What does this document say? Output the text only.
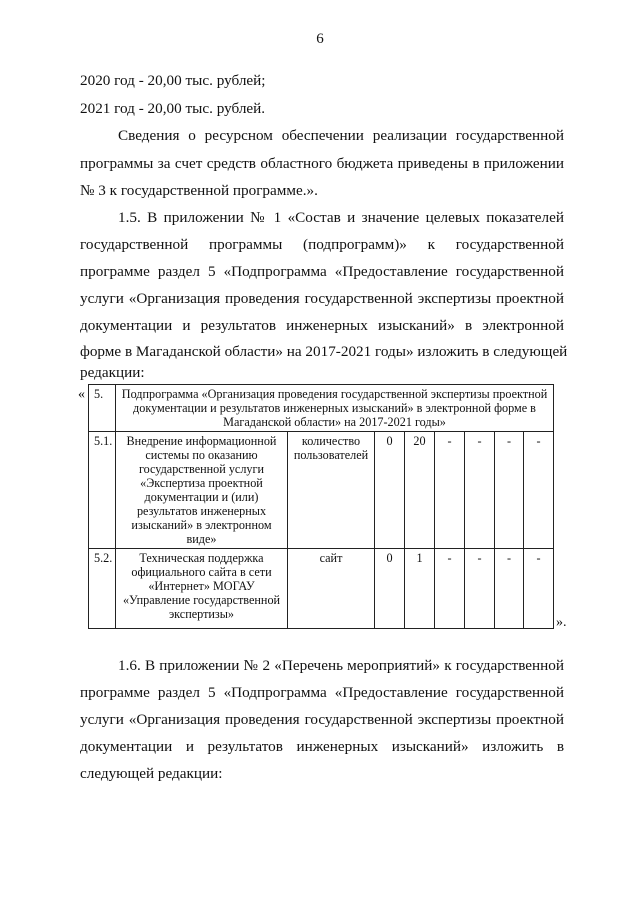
6
2020 год - 20,00 тыс. рублей;
2021 год - 20,00 тыс. рублей.
Сведения о ресурсном обеспечении реализации государственной
программы за счет средств областного бюджета приведены в приложении
№ 3 к государственной программе.».
1.5. В приложении № 1 «Состав и значение целевых показателей
государственной программы (подпрограмм)» к государственной
программе раздел 5 «Подпрограмма «Предоставление государственной
услуги «Организация проведения государственной экспертизы проектной
документации и результатов инженерных изысканий» в электронной
форме в Магаданской области» на 2017-2021 годы» изложить в следующей
редакции:
« 5.	Подпрограмма «Организация проведения государственной экспертизы проектной документации и результатов инженерных изысканий» в электронной форме в Магаданской области» на 2017-2021 годы»							
5.1.	Внедрение информационной системы по оказанию государственной услуги «Экспертиза проектной документации и (или) результатов инженерных изысканий» в электронном виде»	количество пользователей	0	20	-	-	-	-
5.2.	Техническая поддержка официального сайта в сети «Интернет» МОГАУ «Управление государственной экспертизы»	сайт	0	1	-	-	-	-
».
1.6. В приложении № 2 «Перечень мероприятий» к государственной
программе раздел 5 «Подпрограмма «Предоставление государственной
услуги «Организация проведения государственной экспертизы проектной
документации и результатов инженерных изысканий» изложить в
следующей редакции:
